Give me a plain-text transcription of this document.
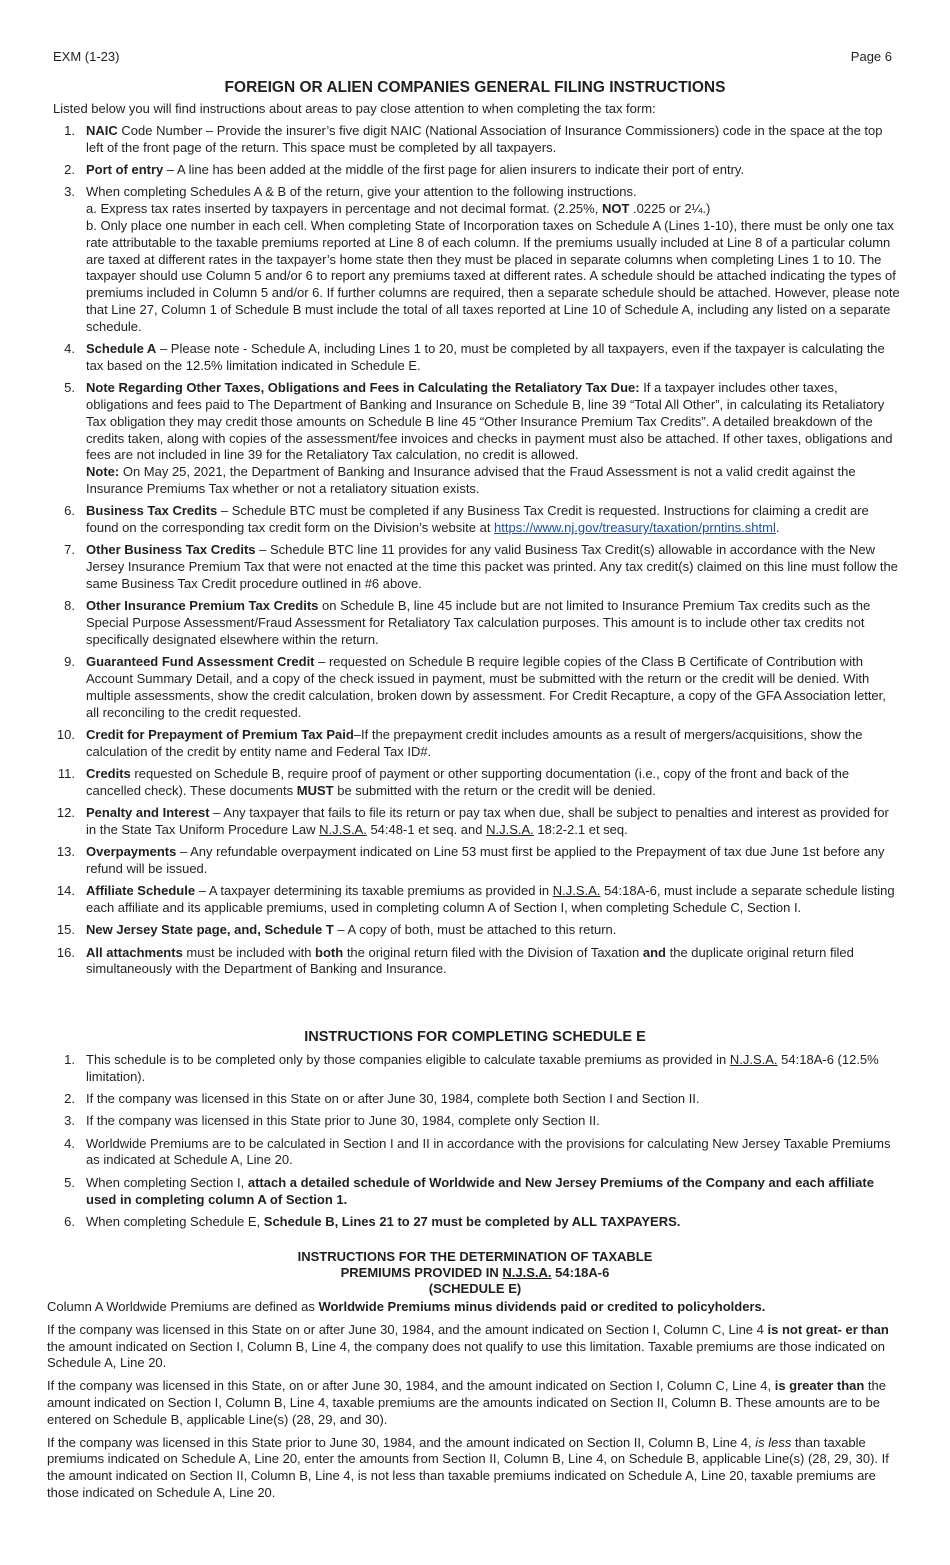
EXM (1-23)	Page 6
FOREIGN OR ALIEN COMPANIES GENERAL FILING INSTRUCTIONS
Listed below you will find instructions about areas to pay close attention to when completing the tax form:
1. NAIC Code Number – Provide the insurer’s five digit NAIC (National Association of Insurance Commissioners) code in the space at the top left of the front page of the return. This space must be completed by all taxpayers.
2. Port of entry – A line has been added at the middle of the first page for alien insurers to indicate their port of entry.
3. When completing Schedules A & B of the return, give your attention to the following instructions.
a. Express tax rates inserted by taxpayers in percentage and not decimal format. (2.25%, NOT .0225 or 2¼.)
b. Only place one number in each cell. When completing State of Incorporation taxes on Schedule A (Lines 1-10), there must be only one tax rate attributable to the taxable premiums reported at Line 8 of each column. If the premiums usually included at Line 8 of a particular column are taxed at different rates in the taxpayer’s home state then they must be placed in separate columns when completing Lines 1 to 10. The taxpayer should use Column 5 and/or 6 to report any premiums taxed at different rates. A schedule should be attached indicating the types of premiums included in Column 5 and/or 6. If further columns are required, then a separate schedule should be attached. However, please note that Line 27, Column 1 of Schedule B must include the total of all taxes reported at Line 10 of Schedule A, including any listed on a separate schedule.
4. Schedule A – Please note - Schedule A, including Lines 1 to 20, must be completed by all taxpayers, even if the taxpayer is calculating the tax based on the 12.5% limitation indicated in Schedule E.
5. Note Regarding Other Taxes, Obligations and Fees in Calculating the Retaliatory Tax Due: If a taxpayer includes other taxes, obligations and fees paid to The Department of Banking and Insurance on Schedule B, line 39 “Total All Other”, in calculating its Retaliatory Tax obligation they may credit those amounts on Schedule B line 45 “Other Insurance Premium Tax Credits”. A detailed breakdown of the credits taken, along with copies of the assessment/fee invoices and checks in payment must also be attached. If other taxes, obligations and fees are not included in line 39 for the Retaliatory Tax calculation, no credit is allowed.
Note: On May 25, 2021, the Department of Banking and Insurance advised that the Fraud Assessment is not a valid credit against the Insurance Premiums Tax whether or not a retaliatory situation exists.
6. Business Tax Credits – Schedule BTC must be completed if any Business Tax Credit is requested. Instructions for claiming a credit are found on the corresponding tax credit form on the Division’s website at https://www.nj.gov/treasury/taxation/prntins.shtml.
7. Other Business Tax Credits – Schedule BTC line 11 provides for any valid Business Tax Credit(s) allowable in accordance with the New Jersey Insurance Premium Tax that were not enacted at the time this packet was printed. Any tax credit(s) claimed on this line must follow the same Business Tax Credit procedure outlined in #6 above.
8. Other Insurance Premium Tax Credits on Schedule B, line 45 include but are not limited to Insurance Premium Tax credits such as the Special Purpose Assessment/Fraud Assessment for Retaliatory Tax calculation purposes. This amount is to include other tax credits not specifically designated elsewhere within the return.
9. Guaranteed Fund Assessment Credit – requested on Schedule B require legible copies of the Class B Certificate of Contribution with Account Summary Detail, and a copy of the check issued in payment, must be submitted with the return or the credit will be denied. With multiple assessments, show the credit calculation, broken down by assessment. For Credit Recapture, a copy of the GFA Association letter, all reconciling to the credit requested.
10. Credit for Prepayment of Premium Tax Paid–If the prepayment credit includes amounts as a result of mergers/acquisitions, show the calculation of the credit by entity name and Federal Tax ID#.
11. Credits requested on Schedule B, require proof of payment or other supporting documentation (i.e., copy of the front and back of the cancelled check). These documents MUST be submitted with the return or the credit will be denied.
12. Penalty and Interest – Any taxpayer that fails to file its return or pay tax when due, shall be subject to penalties and interest as provided for in the State Tax Uniform Procedure Law N.J.S.A. 54:48-1 et seq. and N.J.S.A. 18:2-2.1 et seq.
13. Overpayments – Any refundable overpayment indicated on Line 53 must first be applied to the Prepayment of tax due June 1st before any refund will be issued.
14. Affiliate Schedule – A taxpayer determining its taxable premiums as provided in N.J.S.A. 54:18A-6, must include a separate schedule listing each affiliate and its applicable premiums, used in completing column A of Section I, when completing Schedule C, Section I.
15. New Jersey State page, and, Schedule T – A copy of both, must be attached to this return.
16. All attachments must be included with both the original return filed with the Division of Taxation and the duplicate original return filed simultaneously with the Department of Banking and Insurance.
INSTRUCTIONS FOR COMPLETING SCHEDULE E
1. This schedule is to be completed only by those companies eligible to calculate taxable premiums as provided in N.J.S.A. 54:18A-6 (12.5% limitation).
2. If the company was licensed in this State on or after June 30, 1984, complete both Section I and Section II.
3. If the company was licensed in this State prior to June 30, 1984, complete only Section II.
4. Worldwide Premiums are to be calculated in Section I and II in accordance with the provisions for calculating New Jersey Taxable Premiums as indicated at Schedule A, Line 20.
5. When completing Section I, attach a detailed schedule of Worldwide and New Jersey Premiums of the Company and each affiliate used in completing column A of Section 1.
6. When completing Schedule E, Schedule B, Lines 21 to 27 must be completed by ALL TAXPAYERS.
INSTRUCTIONS FOR THE DETERMINATION OF TAXABLE
PREMIUMS PROVIDED IN N.J.S.A. 54:18A-6
(SCHEDULE E)

Column A Worldwide Premiums are defined as Worldwide Premiums minus dividends paid or credited to policyholders.

If the company was licensed in this State on or after June 30, 1984, and the amount indicated on Section I, Column C, Line 4 is not great- er than the amount indicated on Section I, Column B, Line 4, the company does not qualify to use this limitation. Taxable premiums are those indicated on Schedule A, Line 20.

If the company was licensed in this State, on or after June 30, 1984, and the amount indicated on Section I, Column C, Line 4, is greater than the amount indicated on Section I, Column B, Line 4, taxable premiums are the amounts indicated on Section II, Column B. These amounts are to be entered on Schedule B, applicable Line(s) (28, 29, and 30).

If the company was licensed in this State prior to June 30, 1984, and the amount indicated on Section II, Column B, Line 4, is less than taxable premiums indicated on Schedule A, Line 20, enter the amounts from Section II, Column B, Line 4, on Schedule B, applicable Line(s) (28, 29, 30). If the amount indicated on Section II, Column B, Line 4, is not less than taxable premiums indicated on Schedule A, Line 20, taxable premiums are those indicated on Schedule A, Line 20.
